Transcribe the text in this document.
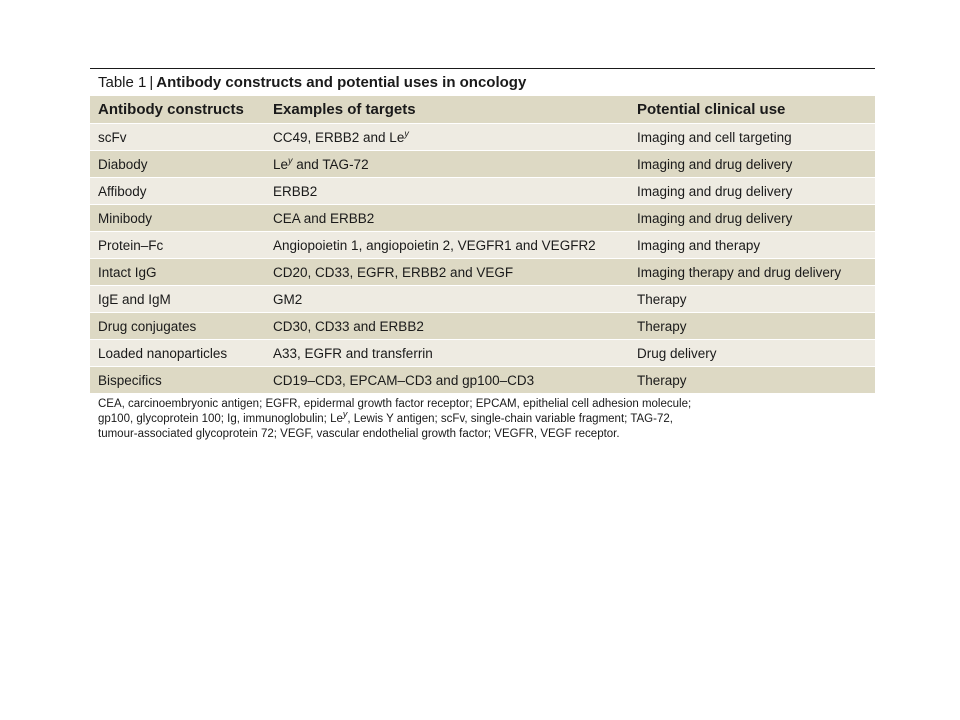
Table 1 | Antibody constructs and potential uses in oncology
Antibody constructs	Examples of targets	Potential clinical use
scFv	CC49, ERBB2 and Le$^y$	Imaging and cell targeting
Diabody	Le$^y$ and TAG-72	Imaging and drug delivery
Affibody	ERBB2	Imaging and drug delivery
Minibody	CEA and ERBB2	Imaging and drug delivery
Protein–Fc	Angiopoietin 1, angiopoietin 2, VEGFR1 and VEGFR2	Imaging and therapy
Intact IgG	CD20, CD33, EGFR, ERBB2 and VEGF	Imaging therapy and drug delivery
IgE and IgM	GM2	Therapy
Drug conjugates	CD30, CD33 and ERBB2	Therapy
Loaded nanoparticles	A33, EGFR and transferrin	Drug delivery
Bispecifics	CD19–CD3, EPCAM–CD3 and gp100–CD3	Therapy
CEA, carcinoembryonic antigen; EGFR, epidermal growth factor receptor; EPCAM, epithelial cell adhesion molecule;
gp100, glycoprotein 100; Ig, immunoglobulin; Le$^y$, Lewis Y antigen; scFv, single-chain variable fragment; TAG-72,
tumour-associated glycoprotein 72; VEGF, vascular endothelial growth factor; VEGFR, VEGF receptor.
